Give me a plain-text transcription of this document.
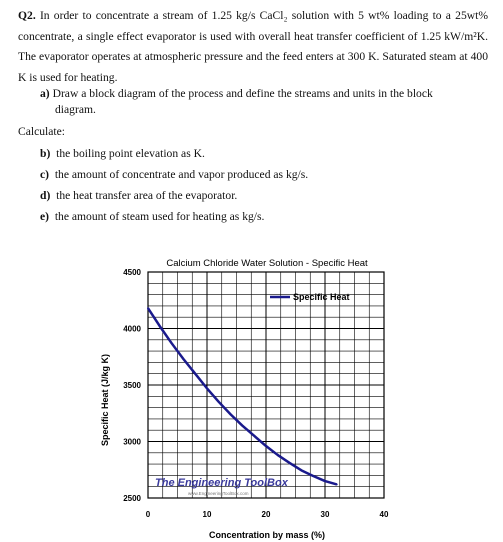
Q2. In order to concentrate a stream of 1.25 kg/s CaCl₂ solution with 5 wt% loading to a 25wt% concentrate, a single effect evaporator is used with overall heat transfer coefficient of 1.25 kW/m²K. The evaporator operates at atmospheric pressure and the feed enters at 300 K. Saturated steam at 400 K is used for heating.
a) Draw a block diagram of the process and define the streams and units in the block
diagram.
Calculate:
b) the boiling point elevation as K.
c) the amount of concentrate and vapor produced as kg/s.
d) the heat transfer area of the evaporator.
e) the amount of steam used for heating as kg/s.
Calcium Chloride Water Solution - Specific Heat
4500
4000
3500
3000
2500
0	10	20	30	40
Specific Heat (J/kg K)
Concentration by mass (%)
Specific Heat
The Engineering ToolBox
www.EngineeringToolBox.com
